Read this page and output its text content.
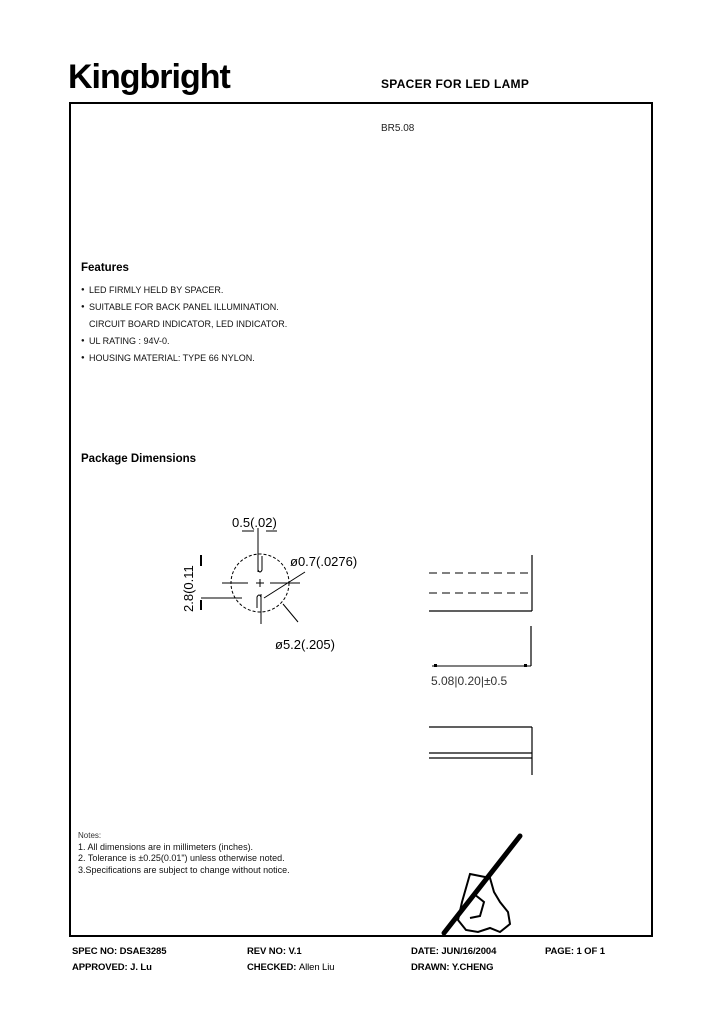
Kingbright	SPACER FOR LED LAMP
BR5.08
Features
● LED FIRMLY HELD BY SPACER.
● SUITABLE FOR BACK PANEL ILLUMINATION.
CIRCUIT BOARD INDICATOR, LED INDICATOR.
● UL RATING : 94V-0.
● HOUSING MATERIAL: TYPE 66 NYLON.
Package Dimensions
0.5(.02)
2.8(0.11
ø0.7(.0276)
ø5.2(.205)
5.08|0.20|±0.5
Notes:
1. All dimensions are in millimeters (inches).
2. Tolerance is ±0.25(0.01") unless otherwise noted.
3.Specifications are subject to change without notice.
SPEC NO: DSAE3285	REV NO: V.1	DATE: JUN/16/2004	PAGE: 1 OF 1
APPROVED: J. Lu	CHECKED: Allen Liu	DRAWN: Y.CHENG
